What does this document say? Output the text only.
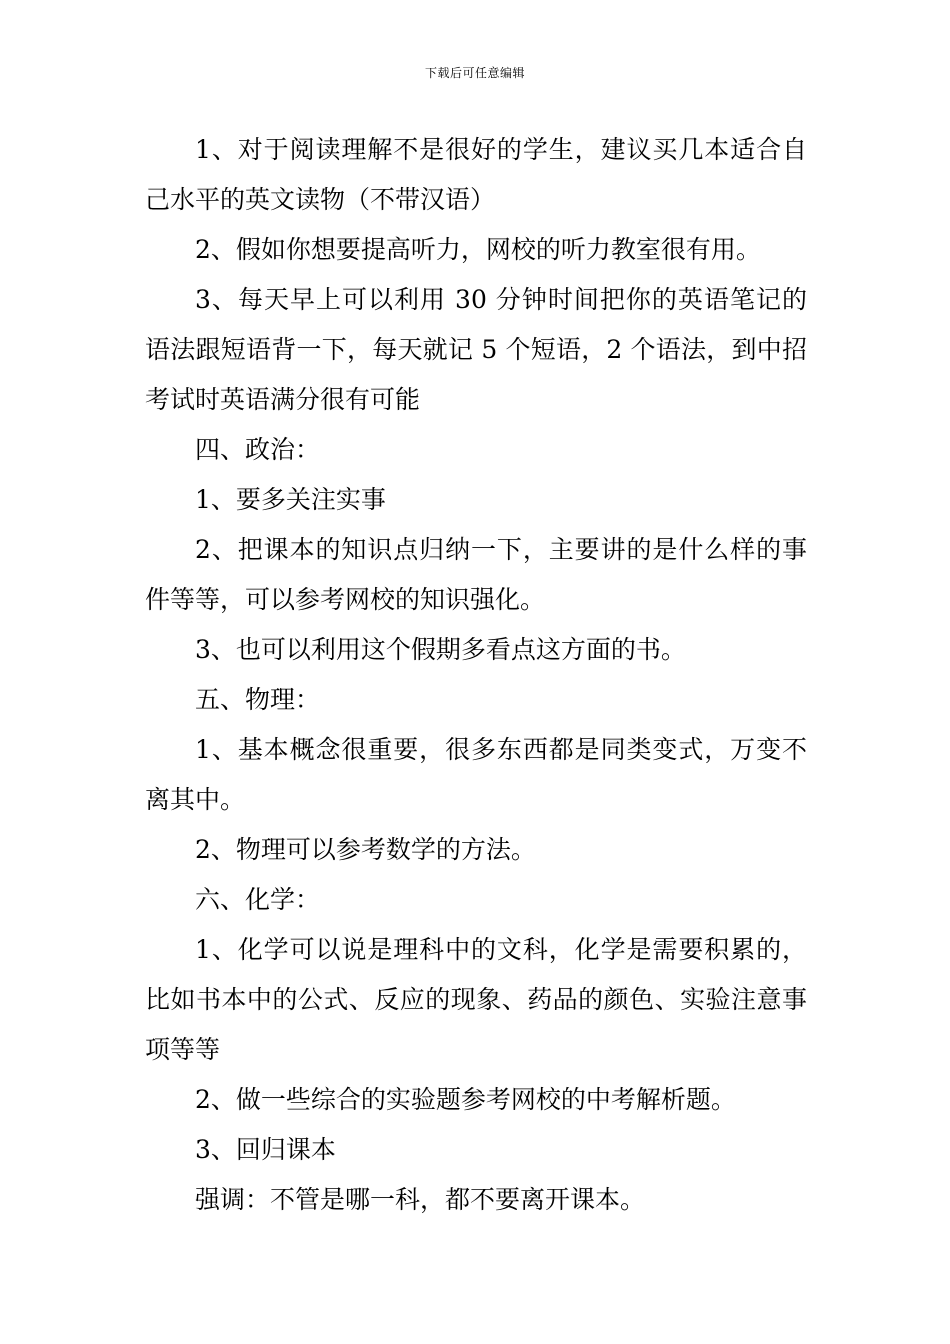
下载后可任意编辑

1、对于阅读理解不是很好的学生，建议买几本适合自己水平的英文读物（不带汉语）

2、假如你想要提高听力，网校的听力教室很有用。

3、每天早上可以利用 30 分钟时间把你的英语笔记的语法跟短语背一下，每天就记 5 个短语，2 个语法，到中招考试时英语满分很有可能

四、政治：

1、要多关注实事

2、把课本的知识点归纳一下，主要讲的是什么样的事件等等，可以参考网校的知识强化。

3、也可以利用这个假期多看点这方面的书。

五、物理：

1、基本概念很重要，很多东西都是同类变式，万变不离其中。

2、物理可以参考数学的方法。

六、化学：

1、化学可以说是理科中的文科，化学是需要积累的，比如书本中的公式、反应的现象、药品的颜色、实验注意事项等等

2、做一些综合的实验题参考网校的中考解析题。

3、回归课本

强调：不管是哪一科，都不要离开课本。
